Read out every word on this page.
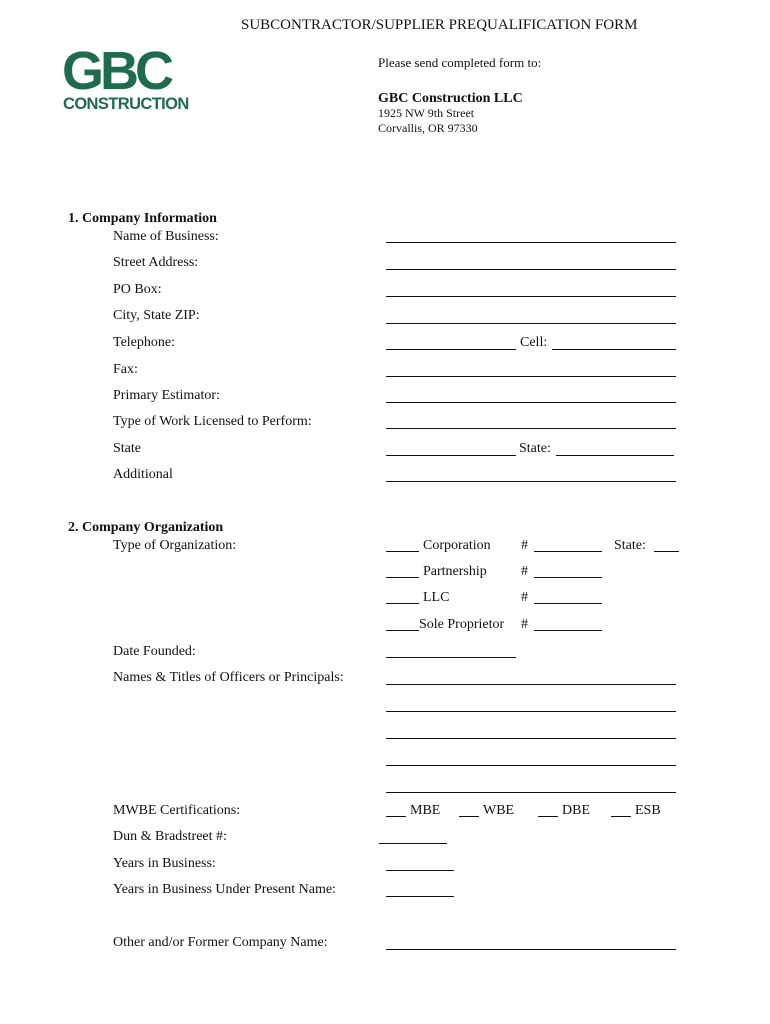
SUBCONTRACTOR/SUPPLIER PREQUALIFICATION FORM
GBC
CONSTRUCTION
Please send completed form to:
GBC Construction LLC
1925 NW 9th Street
Corvallis, OR 97330
1. Company Information
Name of Business:
Street Address:
PO Box:
City, State ZIP:
Telephone:	Cell:
Fax:
Primary Estimator:
Type of Work Licensed to Perform:
State	State:
Additional
2. Company Organization
Type of Organization:	Corporation #	State:
Partnership #
LLC	#
Sole Proprietor #
Date Founded:
Names & Titles of Officers or Principals:
MWBE Certifications:	MBE	WBE	DBE	ESB
Dun & Bradstreet #:
Years in Business:
Years in Business Under Present Name:
Other and/or Former Company Name:
